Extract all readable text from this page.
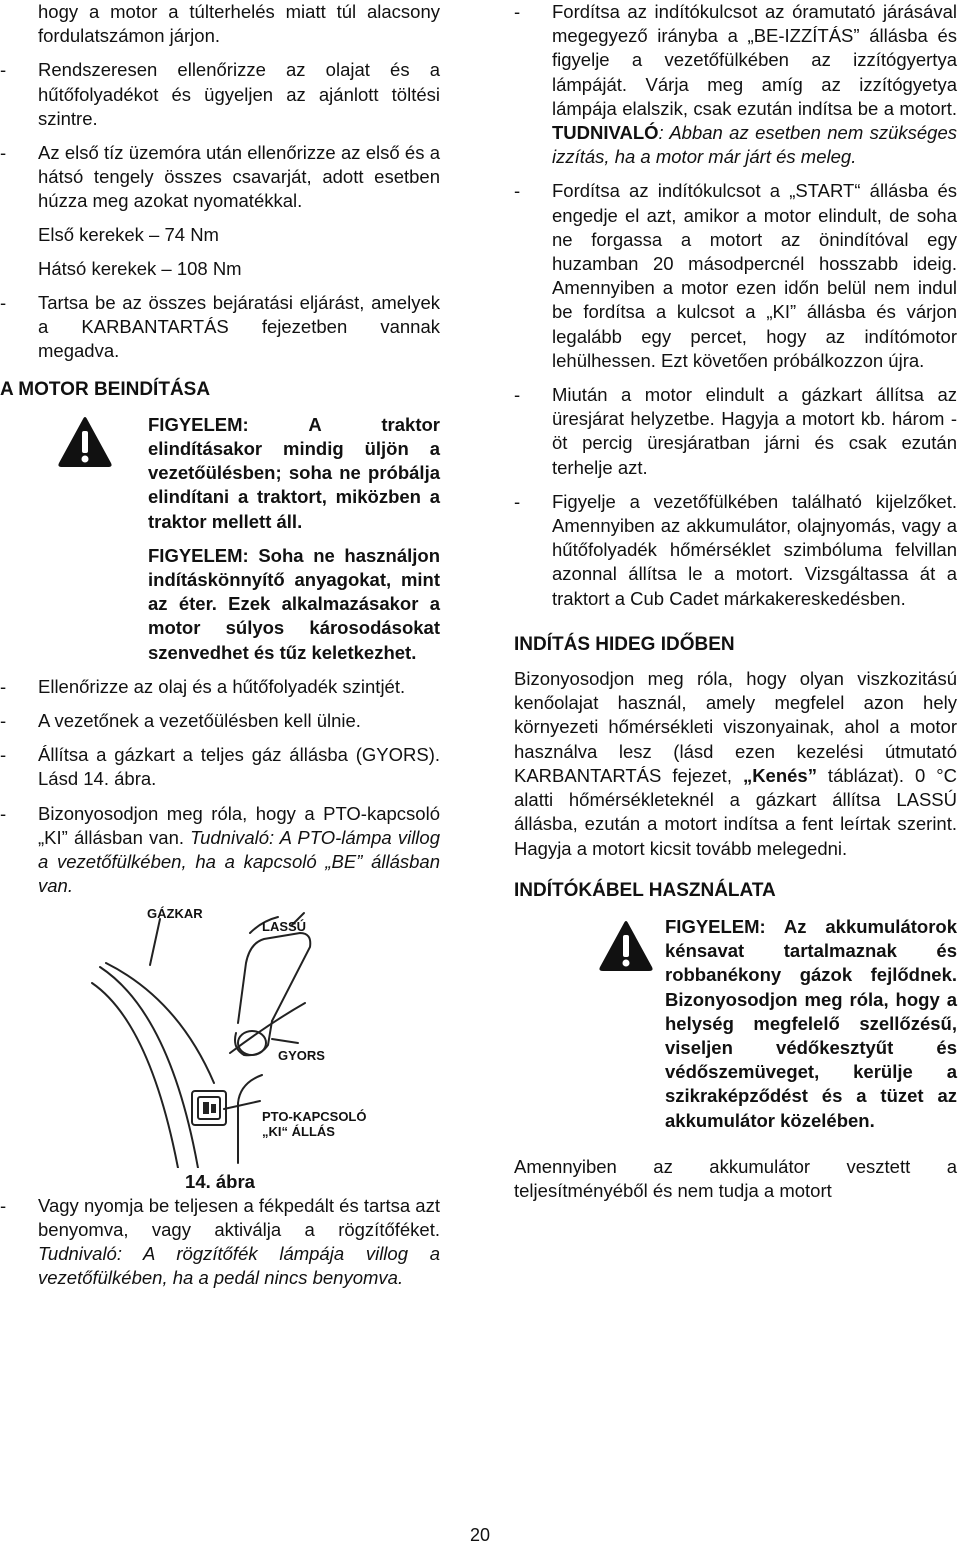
hogy a motor a túlterhelés miatt túl alacsony fordulatszámon járjon.

- Rendszeresen ellenőrizze az olajat és a hűtőfolyadékot és ügyeljen az ajánlott töltési szintre.

- Az első tíz üzemóra után ellenőrizze az első és a hátsó tengely összes csavarját, adott esetben húzza meg azokat nyomatékkal.

Első kerekek – 74 Nm

Hátsó kerekek – 108 Nm

- Tartsa be az összes bejáratási eljárást, amelyek a KARBANTARTÁS fejezetben vannak megadva.

A MOTOR BEINDÍTÁSA

FIGYELEM: A traktor elindításakor mindig üljön a vezetőülésben; soha ne próbálja elindítani a traktort, miközben a traktor mellett áll.

FIGYELEM: Soha ne használjon indításkönnyítő anyagokat, mint az éter. Ezek alkalmazásakor a motor súlyos károsodásokat szenvedhet és tűz keletkezhet.

- Ellenőrizze az olaj és a hűtőfolyadék szintjét.

- A vezetőnek a vezetőülésben kell ülnie.

- Állítsa a gázkart a teljes gáz állásba (GYORS). Lásd 14. ábra.

- Bizonyosodjon meg róla, hogy a PTO-kapcsoló „KI” állásban van. Tudnivaló: A PTO-lámpa villog a vezetőfülkében, ha a kapcsoló „BE” állásban van.

GÁZKAR
LASSÚ
GYORS
PTO-KAPCSOLÓ
„KI“ ÁLLÁS

14. ábra

- Vagy nyomja be teljesen a fékpedált és tartsa azt benyomva, vagy aktiválja a rögzítőféket. Tudnivaló: A rögzítőfék lámpája villog a vezetőfülkében, ha a pedál nincs benyomva.

- Fordítsa az indítókulcsot az óramutató járásával megegyező irányba a „BE-IZZÍTÁS” állásba és figyelje a vezetőfülkében az izzítógyertya lámpáját. Várja meg amíg az izzítógyetya lámpája elalszik, csak ezután indítsa be a motort. TUDNIVALÓ: Abban az esetben nem szükséges izzítás, ha a motor már járt és meleg.

- Fordítsa az indítókulcsot a „START“ állásba és engedje el azt, amikor a motor elindult, de soha ne forgassa a motort az önindítóval egy huzamban 20 másodpercnél hosszabb ideig. Amennyiben a motor ezen időn belül nem indul be fordítsa a kulcsot a „KI” állásba és várjon legalább egy percet, hogy az indítómotor lehülhessen. Ezt követően próbálkozzon újra.

- Miután a motor elindult a gázkart állítsa az üresjárat helyzetbe. Hagyja a motort kb. három - öt percig üresjáratban járni és csak ezután terhelje azt.

- Figyelje a vezetőfülkében található kijelzőket. Amennyiben az akkumulátor, olajnyomás, vagy a hűtőfolyadék hőmérséklet szimbóluma felvillan azonnal állítsa le a motort. Vizsgáltassa át a traktort a Cub Cadet márkakereskedésben.

INDÍTÁS HIDEG IDŐBEN

Bizonyosodjon meg róla, hogy olyan viszkozitású kenőolajat használ, amely megfelel azon hely környezeti hőmérsékleti viszonyainak, ahol a motor használva lesz (lásd ezen kezelési útmutató KARBANTARTÁS fejezet, „Kenés” táblázat). 0 °C alatti hőmérsékleteknél a gázkart állítsa LASSÚ állásba, ezután a motort indítsa a fent leírtak szerint. Hagyja a motort kicsit tovább melegedni.

INDÍTÓKÁBEL HASZNÁLATA

FIGYELEM: Az akkumulátorok kénsavat tartalmaznak és robbanékony gázok fejlődnek. Bizonyosodjon meg róla, hogy a helység megfelelő szellőzésű, viseljen védőkesztyűt és védőszemüveget, kerülje a szikraképződést és a tüzet az akkumulátor közelében.

Amennyiben az akkumulátor vesztett a teljesítményéből és nem tudja a motort

20
